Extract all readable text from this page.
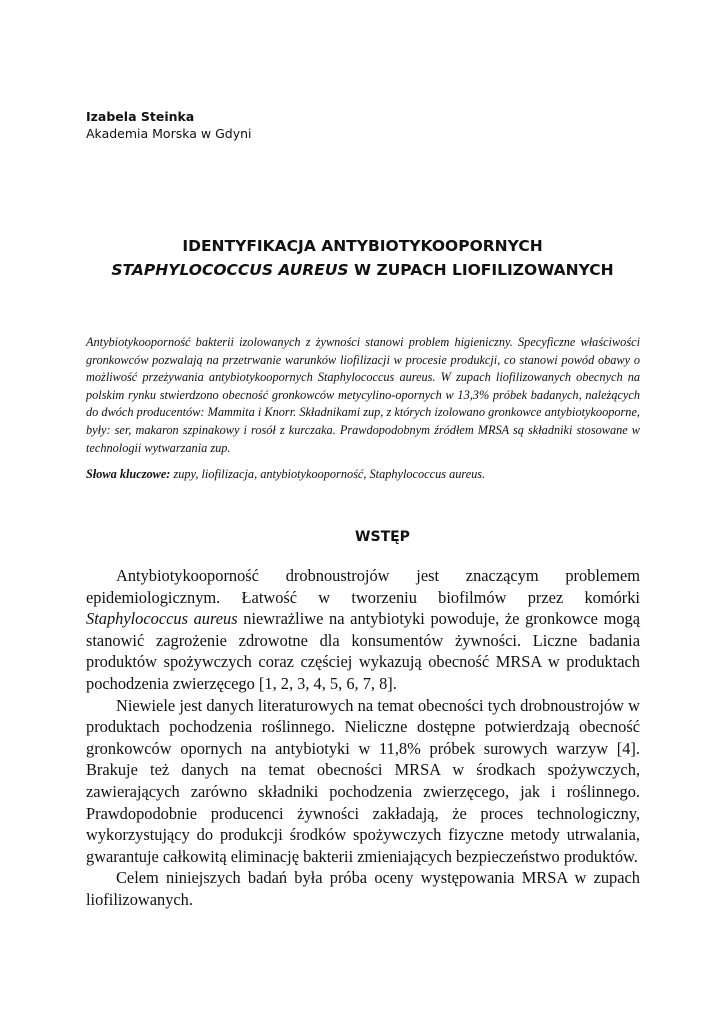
Izabela Steinka
Akademia Morska w Gdyni
IDENTYFIKACJA ANTYBIOTYKOOPORNYCH
STAPHYLOCOCCUS AUREUS W ZUPACH LIOFILIZOWANYCH
Antybiotykooporność bakterii izolowanych z żywności stanowi problem higieniczny. Specyficzne właściwości gronkowców pozwalają na przetrwanie warunków liofilizacji w procesie produkcji, co stanowi powód obawy o możliwość przeżywania antybiotykoopornych Staphylococcus aureus. W zupach liofilizowanych obecnych na polskim rynku stwierdzono obecność gronkowców metycylino-opornych w 13,3% próbek badanych, należących do dwóch producentów: Mammita i Knorr. Składnikami zup, z których izolowano gronkowce antybiotykooporne, były: ser, makaron szpinakowy i rosół z kurczaka. Prawdopodobnym źródłem MRSA są składniki stosowane w technologii wytwarzania zup.
Słowa kluczowe: zupy, liofilizacja, antybiotykooporność, Staphylococcus aureus.
WSTĘP

Antybiotykooporność drobnoustrojów jest znaczącym problemem epidemiologicznym. Łatwość w tworzeniu biofilmów przez komórki Staphylococcus aureus niewrażliwe na antybiotyki powoduje, że gronkowce mogą stanowić zagrożenie zdrowotne dla konsumentów żywności. Liczne badania produktów spożywczych coraz częściej wykazują obecność MRSA w produktach pochodzenia zwierzęcego [1, 2, 3, 4, 5, 6, 7, 8].

Niewiele jest danych literaturowych na temat obecności tych drobnoustrojów w produktach pochodzenia roślinnego. Nieliczne dostępne potwierdzają obecność gronkowców opornych na antybiotyki w 11,8% próbek surowych warzyw [4]. Brakuje też danych na temat obecności MRSA w środkach spożywczych, zawierających zarówno składniki pochodzenia zwierzęcego, jak i roślinnego. Prawdopodobnie producenci żywności zakładają, że proces technologiczny, wykorzystujący do produkcji środków spożywczych fizyczne metody utrwalania, gwarantuje całkowitą eliminację bakterii zmieniających bezpieczeństwo produktów.

Celem niniejszych badań była próba oceny występowania MRSA w zupach liofilizowanych.
